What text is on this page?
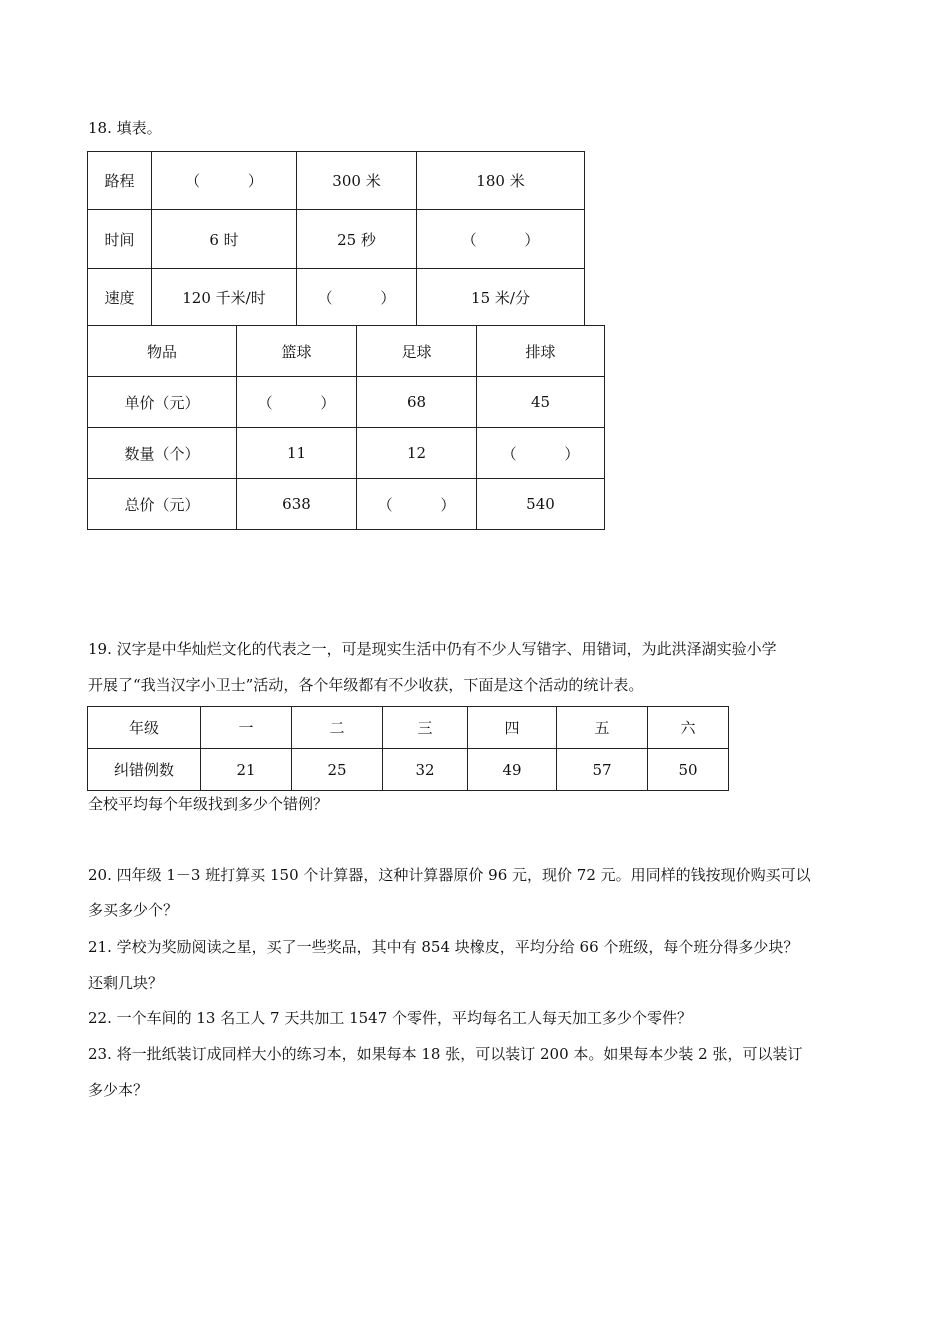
18. 填表。
路程	（          ）	300 米	180 米
时间	6 时	25 秒	（          ）
速度	120 千米/时	（          ）	15 米/分
物品	篮球	足球	排球
单价（元）	（          ）	68	45
数量（个）	11	12	（          ）
总价（元）	638	（          ）	540
19. 汉字是中华灿烂文化的代表之一，可是现实生活中仍有不少人写错字、用错词，为此洪泽湖实验小学
开展了“我当汉字小卫士”活动，各个年级都有不少收获，下面是这个活动的统计表。
年级	一	二	三	四	五	六
纠错例数	21	25	32	49	57	50
全校平均每个年级找到多少个错例？
20. 四年级 1－3 班打算买 150 个计算器，这种计算器原价 96 元，现价 72 元。用同样的钱按现价购买可以
多买多少个？
21. 学校为奖励阅读之星，买了一些奖品，其中有 854 块橡皮，平均分给 66 个班级，每个班分得多少块？
还剩几块？
22. 一个车间的 13 名工人 7 天共加工 1547 个零件，平均每名工人每天加工多少个零件？
23. 将一批纸装订成同样大小的练习本，如果每本 18 张，可以装订 200 本。如果每本少装 2 张，可以装订
多少本？
